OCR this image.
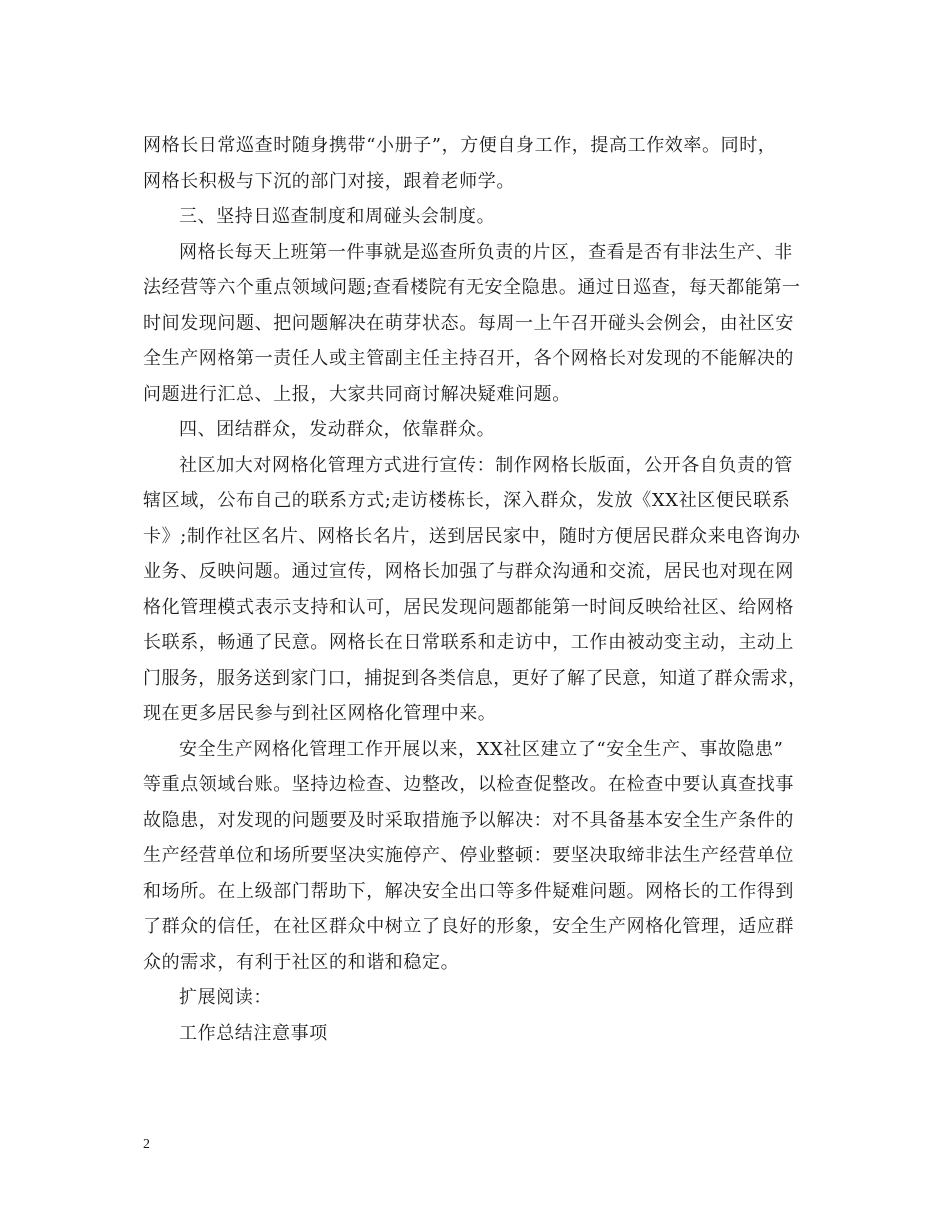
网格长日常巡查时随身携带“小册子”，方便自身工作，提高工作效率。同时，
网格长积极与下沉的部门对接，跟着老师学。
三、坚持日巡查制度和周碰头会制度。
网格长每天上班第一件事就是巡查所负责的片区，查看是否有非法生产、非
法经营等六个重点领域问题;查看楼院有无安全隐患。通过日巡查，每天都能第一
时间发现问题、把问题解决在萌芽状态。每周一上午召开碰头会例会，由社区安
全生产网格第一责任人或主管副主任主持召开，各个网格长对发现的不能解决的
问题进行汇总、上报，大家共同商讨解决疑难问题。
四、团结群众，发动群众，依靠群众。
社区加大对网格化管理方式进行宣传：制作网格长版面，公开各自负责的管
辖区域，公布自己的联系方式;走访楼栋长，深入群众，发放《XX社区便民联系
卡》;制作社区名片、网格长名片，送到居民家中，随时方便居民群众来电咨询办
业务、反映问题。通过宣传，网格长加强了与群众沟通和交流，居民也对现在网
格化管理模式表示支持和认可，居民发现问题都能第一时间反映给社区、给网格
长联系，畅通了民意。网格长在日常联系和走访中，工作由被动变主动，主动上
门服务，服务送到家门口，捕捉到各类信息，更好了解了民意，知道了群众需求，
现在更多居民参与到社区网格化管理中来。
安全生产网格化管理工作开展以来，XX社区建立了“安全生产、事故隐患”
等重点领域台账。坚持边检查、边整改，以检查促整改。在检查中要认真查找事
故隐患，对发现的问题要及时采取措施予以解决：对不具备基本安全生产条件的
生产经营单位和场所要坚决实施停产、停业整顿：要坚决取缔非法生产经营单位
和场所。在上级部门帮助下，解决安全出口等多件疑难问题。网格长的工作得到
了群众的信任，在社区群众中树立了良好的形象，安全生产网格化管理，适应群
众的需求，有利于社区的和谐和稳定。
扩展阅读：
工作总结注意事项
2
